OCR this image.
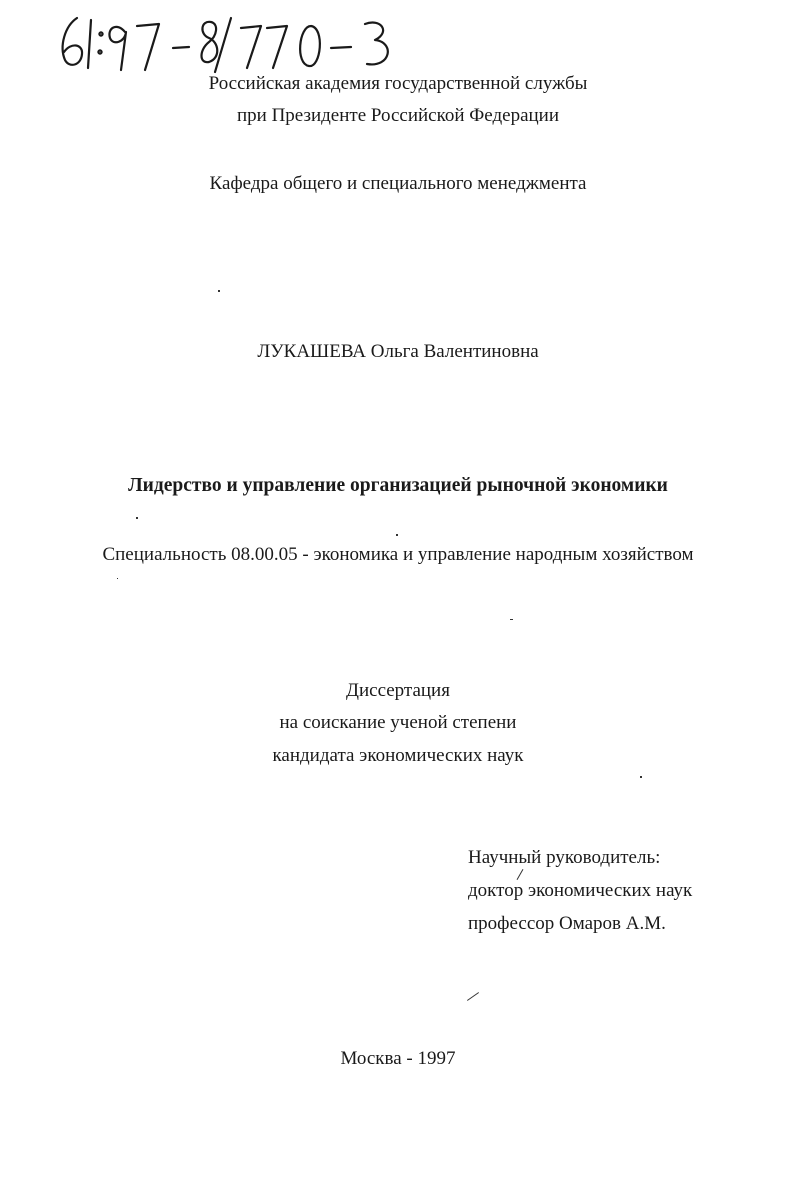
Российская академия государственной службы
при Президенте Российской Федерации
Кафедра общего и специального менеджмента
ЛУКАШЕВА Ольга Валентиновна
Лидерство и управление организацией рыночной экономики
Специальность 08.00.05 - экономика и управление народным хозяйством
Диссертация
на соискание ученой степени
кандидата экономических наук
Научный руководитель:
доктор экономических наук
профессор Омаров А.М.
Москва - 1997
